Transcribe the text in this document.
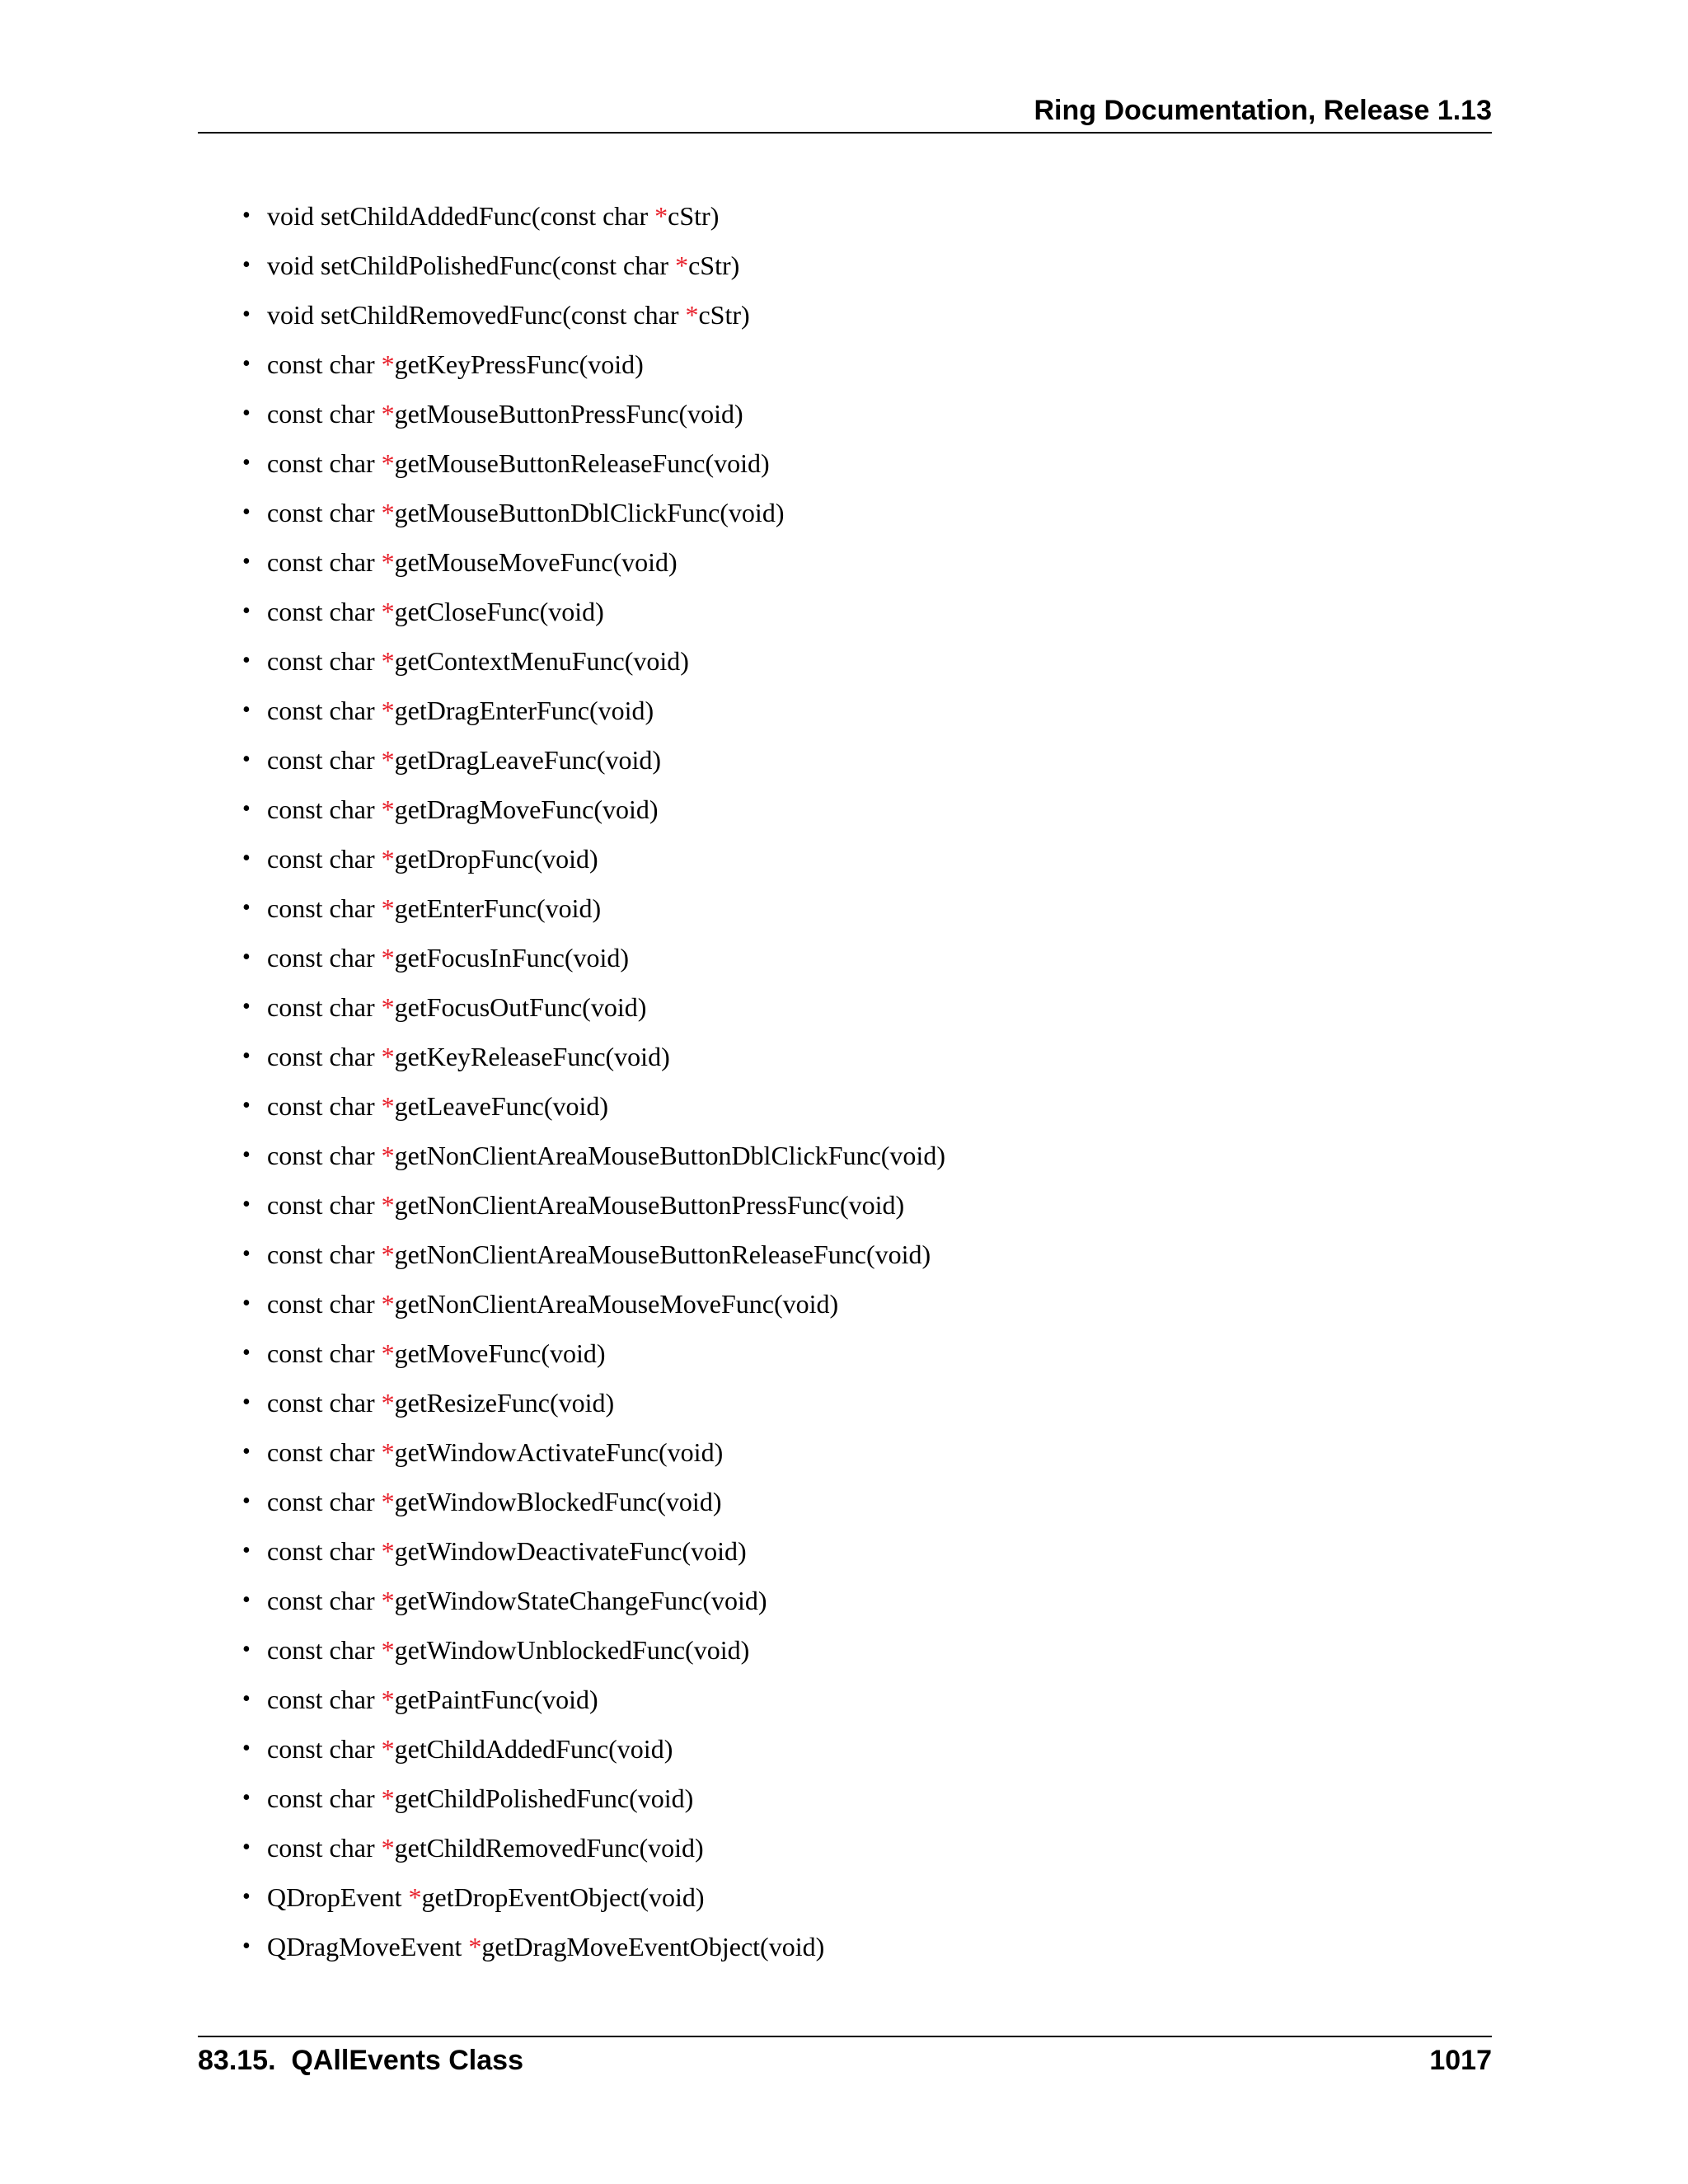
Ring Documentation, Release 1.13
• void setChildAddedFunc(const char *cStr)
• void setChildPolishedFunc(const char *cStr)
• void setChildRemovedFunc(const char *cStr)
• const char *getKeyPressFunc(void)
• const char *getMouseButtonPressFunc(void)
• const char *getMouseButtonReleaseFunc(void)
• const char *getMouseButtonDblClickFunc(void)
• const char *getMouseMoveFunc(void)
• const char *getCloseFunc(void)
• const char *getContextMenuFunc(void)
• const char *getDragEnterFunc(void)
• const char *getDragLeaveFunc(void)
• const char *getDragMoveFunc(void)
• const char *getDropFunc(void)
• const char *getEnterFunc(void)
• const char *getFocusInFunc(void)
• const char *getFocusOutFunc(void)
• const char *getKeyReleaseFunc(void)
• const char *getLeaveFunc(void)
• const char *getNonClientAreaMouseButtonDblClickFunc(void)
• const char *getNonClientAreaMouseButtonPressFunc(void)
• const char *getNonClientAreaMouseButtonReleaseFunc(void)
• const char *getNonClientAreaMouseMoveFunc(void)
• const char *getMoveFunc(void)
• const char *getResizeFunc(void)
• const char *getWindowActivateFunc(void)
• const char *getWindowBlockedFunc(void)
• const char *getWindowDeactivateFunc(void)
• const char *getWindowStateChangeFunc(void)
• const char *getWindowUnblockedFunc(void)
• const char *getPaintFunc(void)
• const char *getChildAddedFunc(void)
• const char *getChildPolishedFunc(void)
• const char *getChildRemovedFunc(void)
• QDropEvent *getDropEventObject(void)
• QDragMoveEvent *getDragMoveEventObject(void)
83.15.  QAllEvents Class	1017
